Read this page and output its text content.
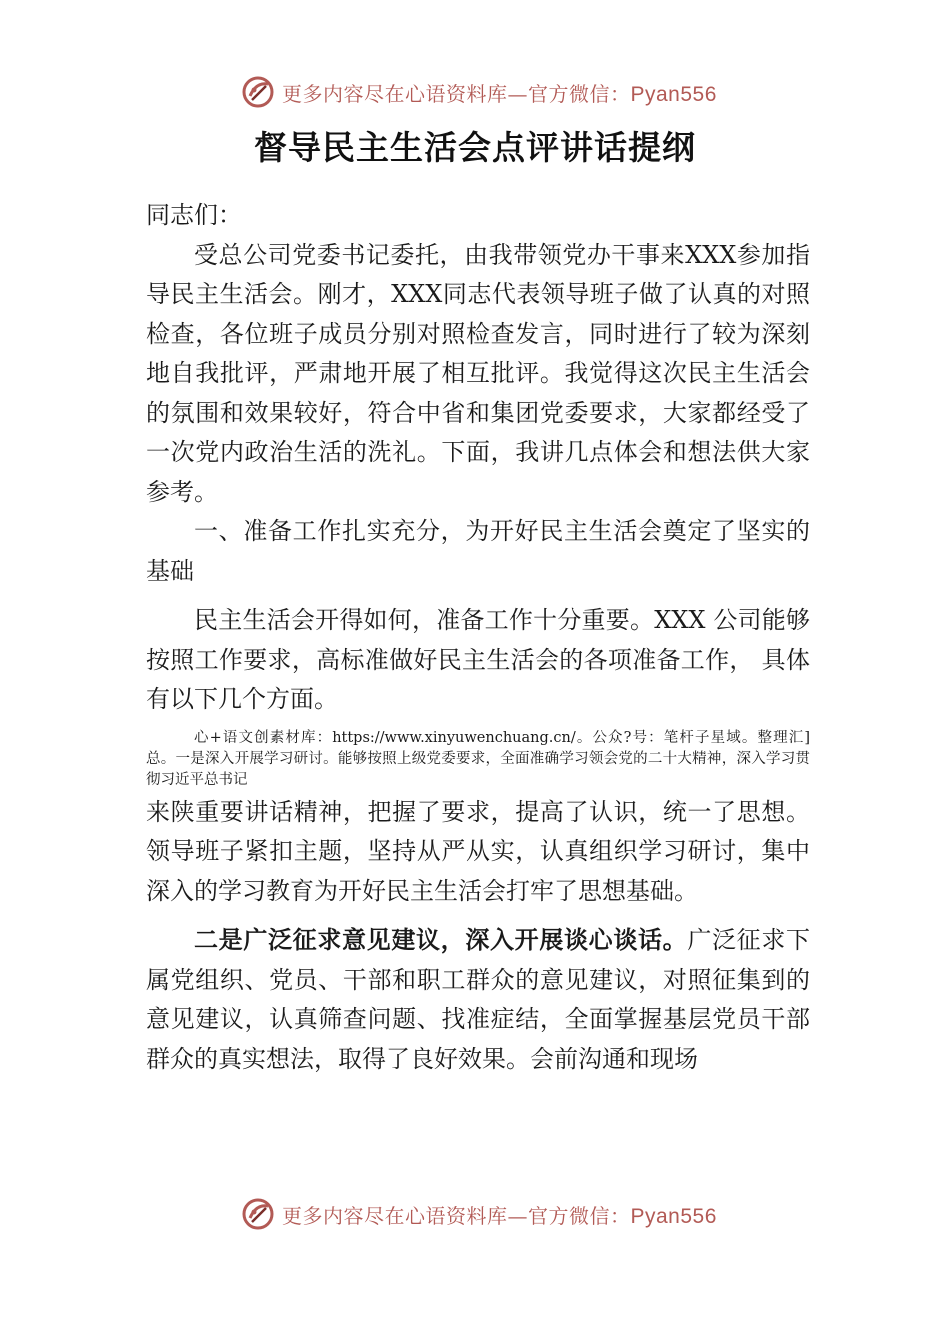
更多内容尽在心语资料库—官方微信：Pyan556
督导民主生活会点评讲话提纲

同志们：

受总公司党委书记委托，由我带领党办干事来XXX参加指导民主生活会。刚才，XXX同志代表领导班子做了认真的对照检查，各位班子成员分别对照检查发言，同时进行了较为深刻地自我批评，严肃地开展了相互批评。我觉得这次民主生活会的氛围和效果较好，符合中省和集团党委要求，大家都经受了一次党内政治生活的洗礼。下面，我讲几点体会和想法供大家参考。

一、准备工作扎实充分，为开好民主生活会奠定了坚实的基础

民主生活会开得如何，准备工作十分重要。XXX 公司能够按照工作要求，高标准做好民主生活会的各项准备工作， 具体有以下几个方面。

心+语文创素材库：https://www.xinyuwenchuang.cn/。公众?号：笔杆子星域。整理汇]总。一是深入开展学习研讨。能够按照上级党委要求，全面准确学习领会党的二十大精神，深入学习贯彻习近平总书记

来陕重要讲话精神，把握了要求，提高了认识，统一了思想。领导班子紧扣主题，坚持从严从实，认真组织学习研讨，集中深入的学习教育为开好民主生活会打牢了思想基础。

二是广泛征求意见建议，深入开展谈心谈话。广泛征求下属党组织、党员、干部和职工群众的意见建议，对照征集到的意见建议，认真筛查问题、找准症结，全面掌握基层党员干部群众的真实想法，取得了良好效果。会前沟通和现场

更多内容尽在心语资料库—官方微信：Pyan556
